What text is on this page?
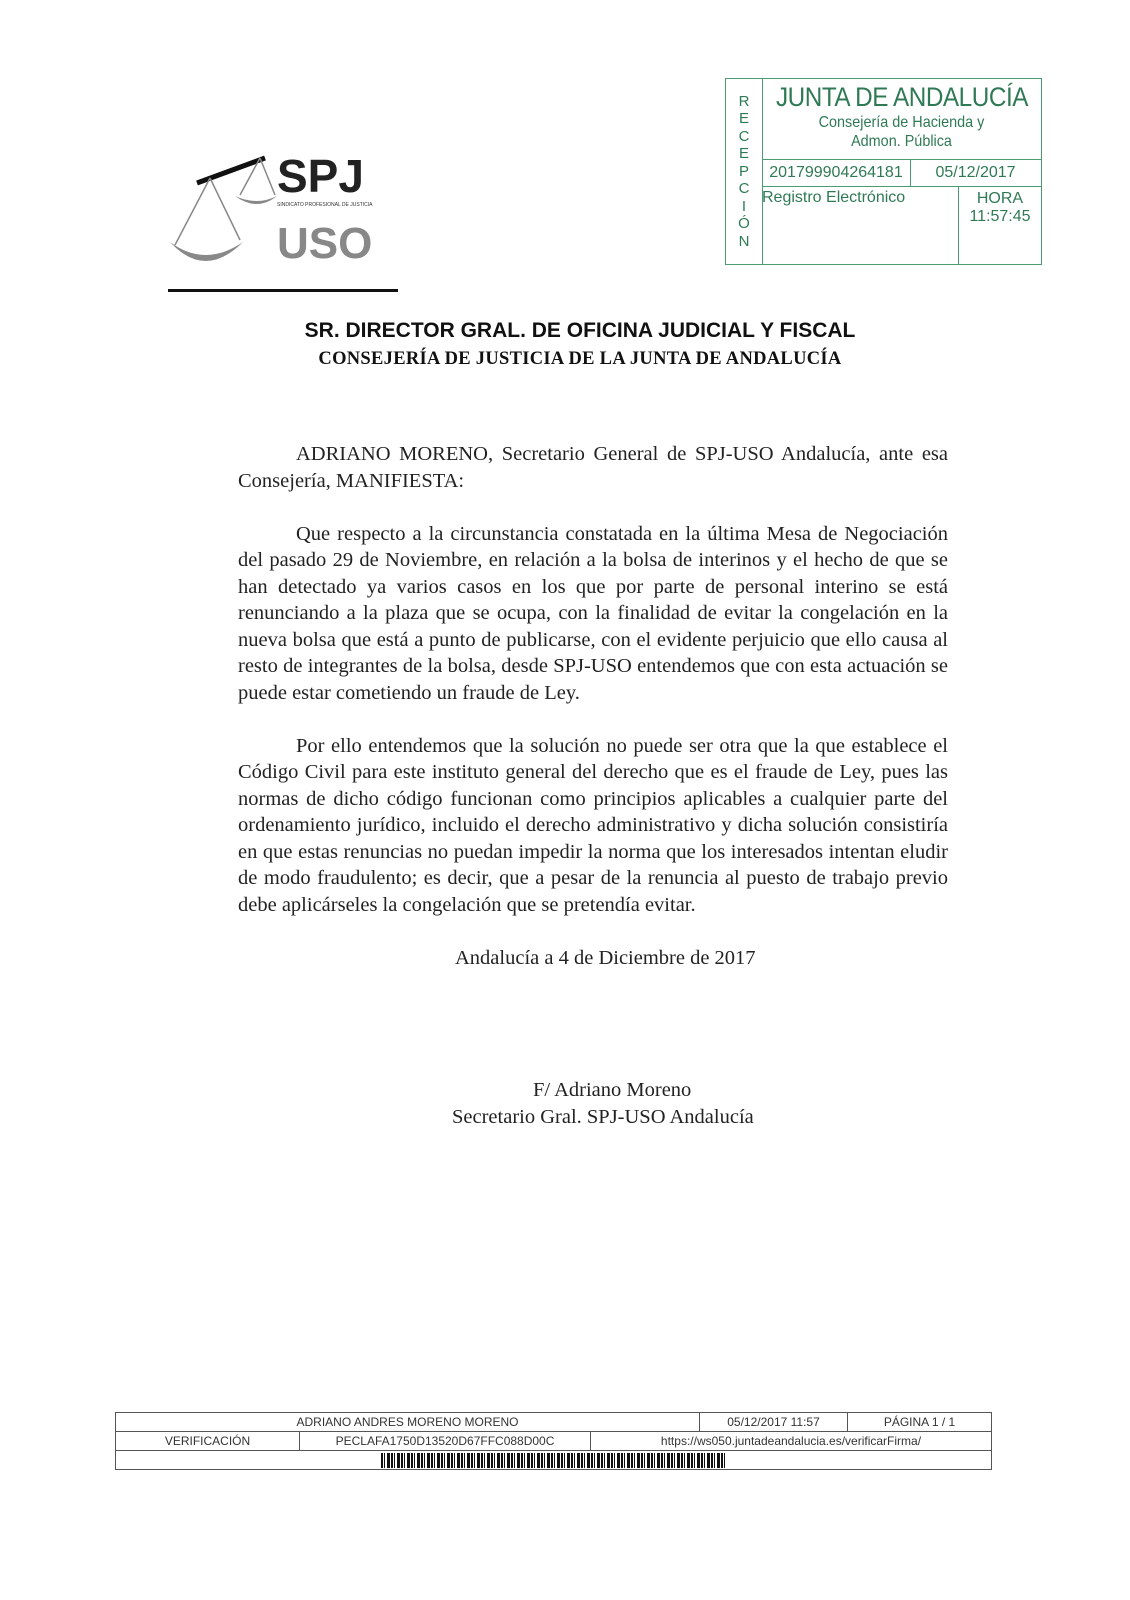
SPJ
SINDICATO PROFESIONAL DE JUSTICIA
USO
R
E
C
E
P
C
I
Ó
N
JUNTA DE ANDALUCÍA
Consejería de Hacienda y
Admon. Pública
201799904264181	05/12/2017
Registro Electrónico	HORA
11:57:45
SR. DIRECTOR GRAL. DE OFICINA JUDICIAL Y FISCAL
CONSEJERÍA DE JUSTICIA DE LA JUNTA DE ANDALUCÍA
ADRIANO MORENO, Secretario General de SPJ-USO Andalucía, ante esa Consejería, MANIFIESTA:
Que respecto a la circunstancia constatada en la última Mesa de Negociación del pasado 29 de Noviembre, en relación a la bolsa de interinos y el hecho de que se han detectado ya varios casos en los que por parte de personal interino se está renunciando a la plaza que se ocupa, con la finalidad de evitar la congelación en la nueva bolsa que está a punto de publicarse, con el evidente perjuicio que ello causa al resto de integrantes de la bolsa, desde SPJ-USO entendemos que con esta actuación se puede estar cometiendo un fraude de Ley.
Por ello entendemos que la solución no puede ser otra que la que establece el Código Civil para este instituto general del derecho que es el fraude de Ley, pues las normas de dicho código funcionan como principios aplicables a cualquier parte del ordenamiento jurídico, incluido el derecho administrativo y dicha solución consistiría en que estas renuncias no puedan impedir la norma que los interesados intentan eludir de modo fraudulento; es decir, que a pesar de la renuncia al puesto de trabajo previo debe aplicárseles la congelación que se pretendía evitar.
Andalucía a 4 de Diciembre de 2017
F/ Adriano Moreno
Secretario Gral. SPJ-USO Andalucía
ADRIANO ANDRES MORENO MORENO	05/12/2017 11:57	PÁGINA 1 / 1
VERIFICACIÓN	PECLAFA1750D13520D67FFC088D00C	https://ws050.juntadeandalucia.es/verificarFirma/
